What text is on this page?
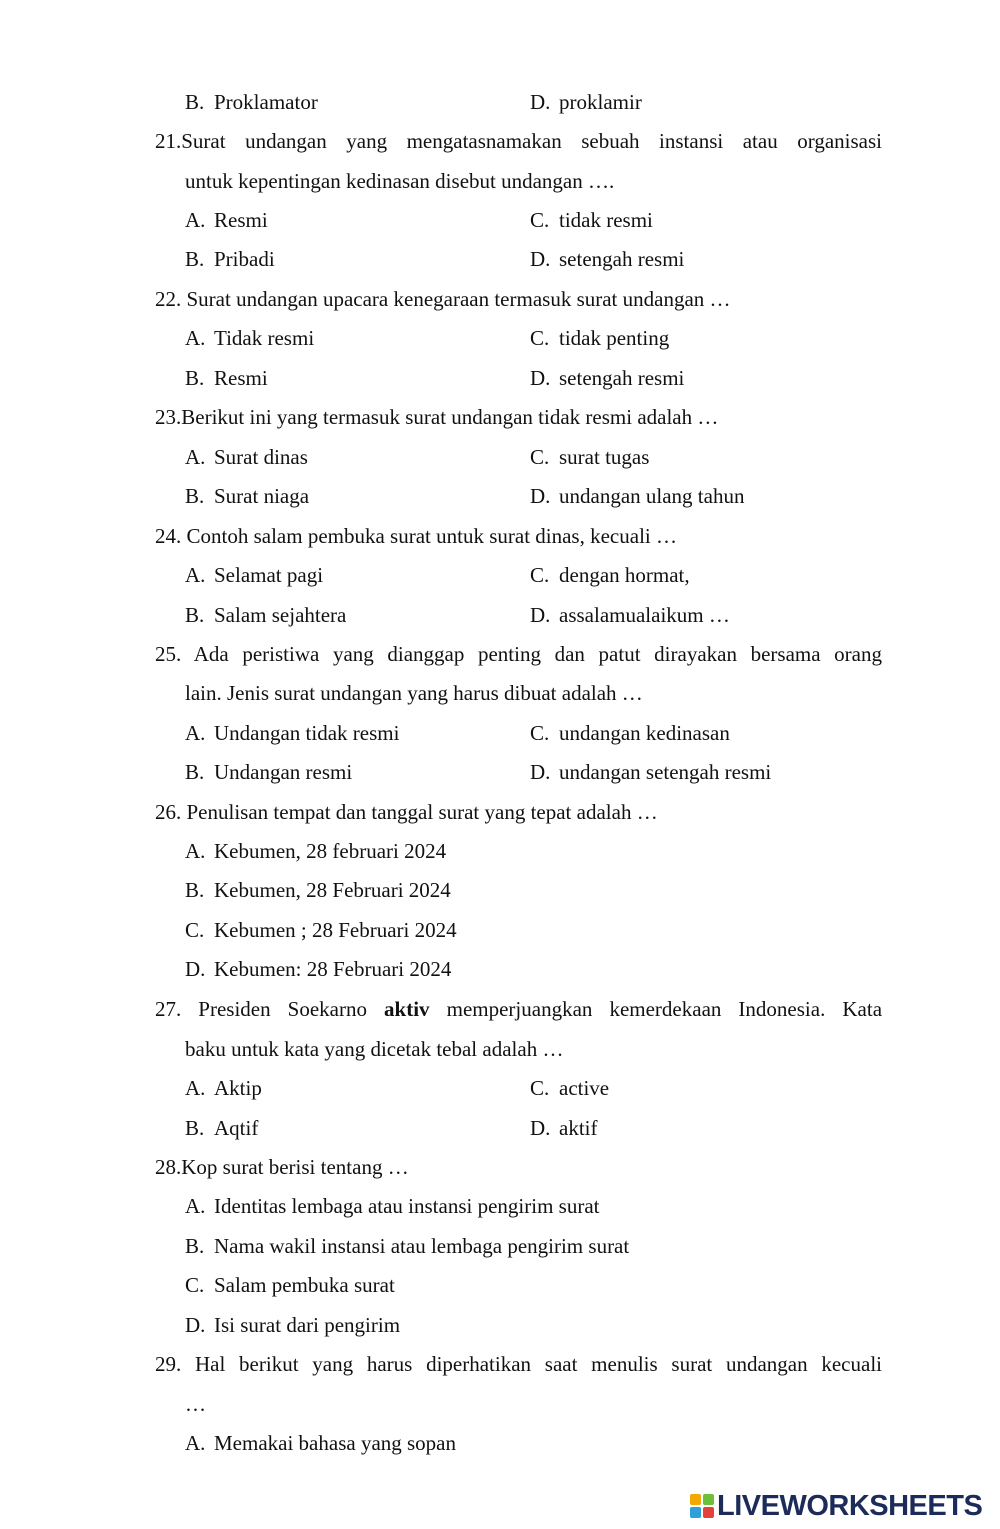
B. Proklamator	D. proklamir
21.Surat undangan yang mengatasnamakan sebuah instansi atau organisasi
untuk kepentingan kedinasan disebut undangan ….
A. Resmi	C. tidak resmi
B. Pribadi	D. setengah resmi
22. Surat undangan upacara kenegaraan termasuk surat undangan …
A. Tidak resmi	C. tidak penting
B. Resmi	D. setengah resmi
23.Berikut ini yang termasuk surat undangan tidak resmi adalah …
A. Surat dinas	C. surat tugas
B. Surat niaga	D. undangan ulang tahun
24. Contoh salam pembuka surat untuk surat dinas, kecuali …
A. Selamat pagi	C. dengan hormat,
B. Salam sejahtera	D. assalamualaikum …
25. Ada peristiwa yang dianggap penting dan patut dirayakan bersama orang
lain. Jenis surat undangan yang harus dibuat adalah …
A. Undangan tidak resmi	C. undangan kedinasan
B. Undangan resmi	D. undangan setengah resmi
26. Penulisan tempat dan tanggal surat yang tepat adalah …
A. Kebumen, 28 februari 2024
B. Kebumen, 28 Februari 2024
C. Kebumen ; 28 Februari 2024
D. Kebumen: 28 Februari 2024
27. Presiden Soekarno aktiv memperjuangkan kemerdekaan Indonesia. Kata
baku untuk kata yang dicetak tebal adalah …
A. Aktip	C. active
B. Aqtif	D. aktif
28.Kop surat berisi tentang …
A. Identitas lembaga atau instansi pengirim surat
B. Nama wakil instansi atau lembaga pengirim surat
C. Salam pembuka surat
D. Isi surat dari pengirim
29. Hal berikut yang harus diperhatikan saat menulis surat undangan kecuali
…
A. Memakai bahasa yang sopan
LIVEWORKSHEETS
